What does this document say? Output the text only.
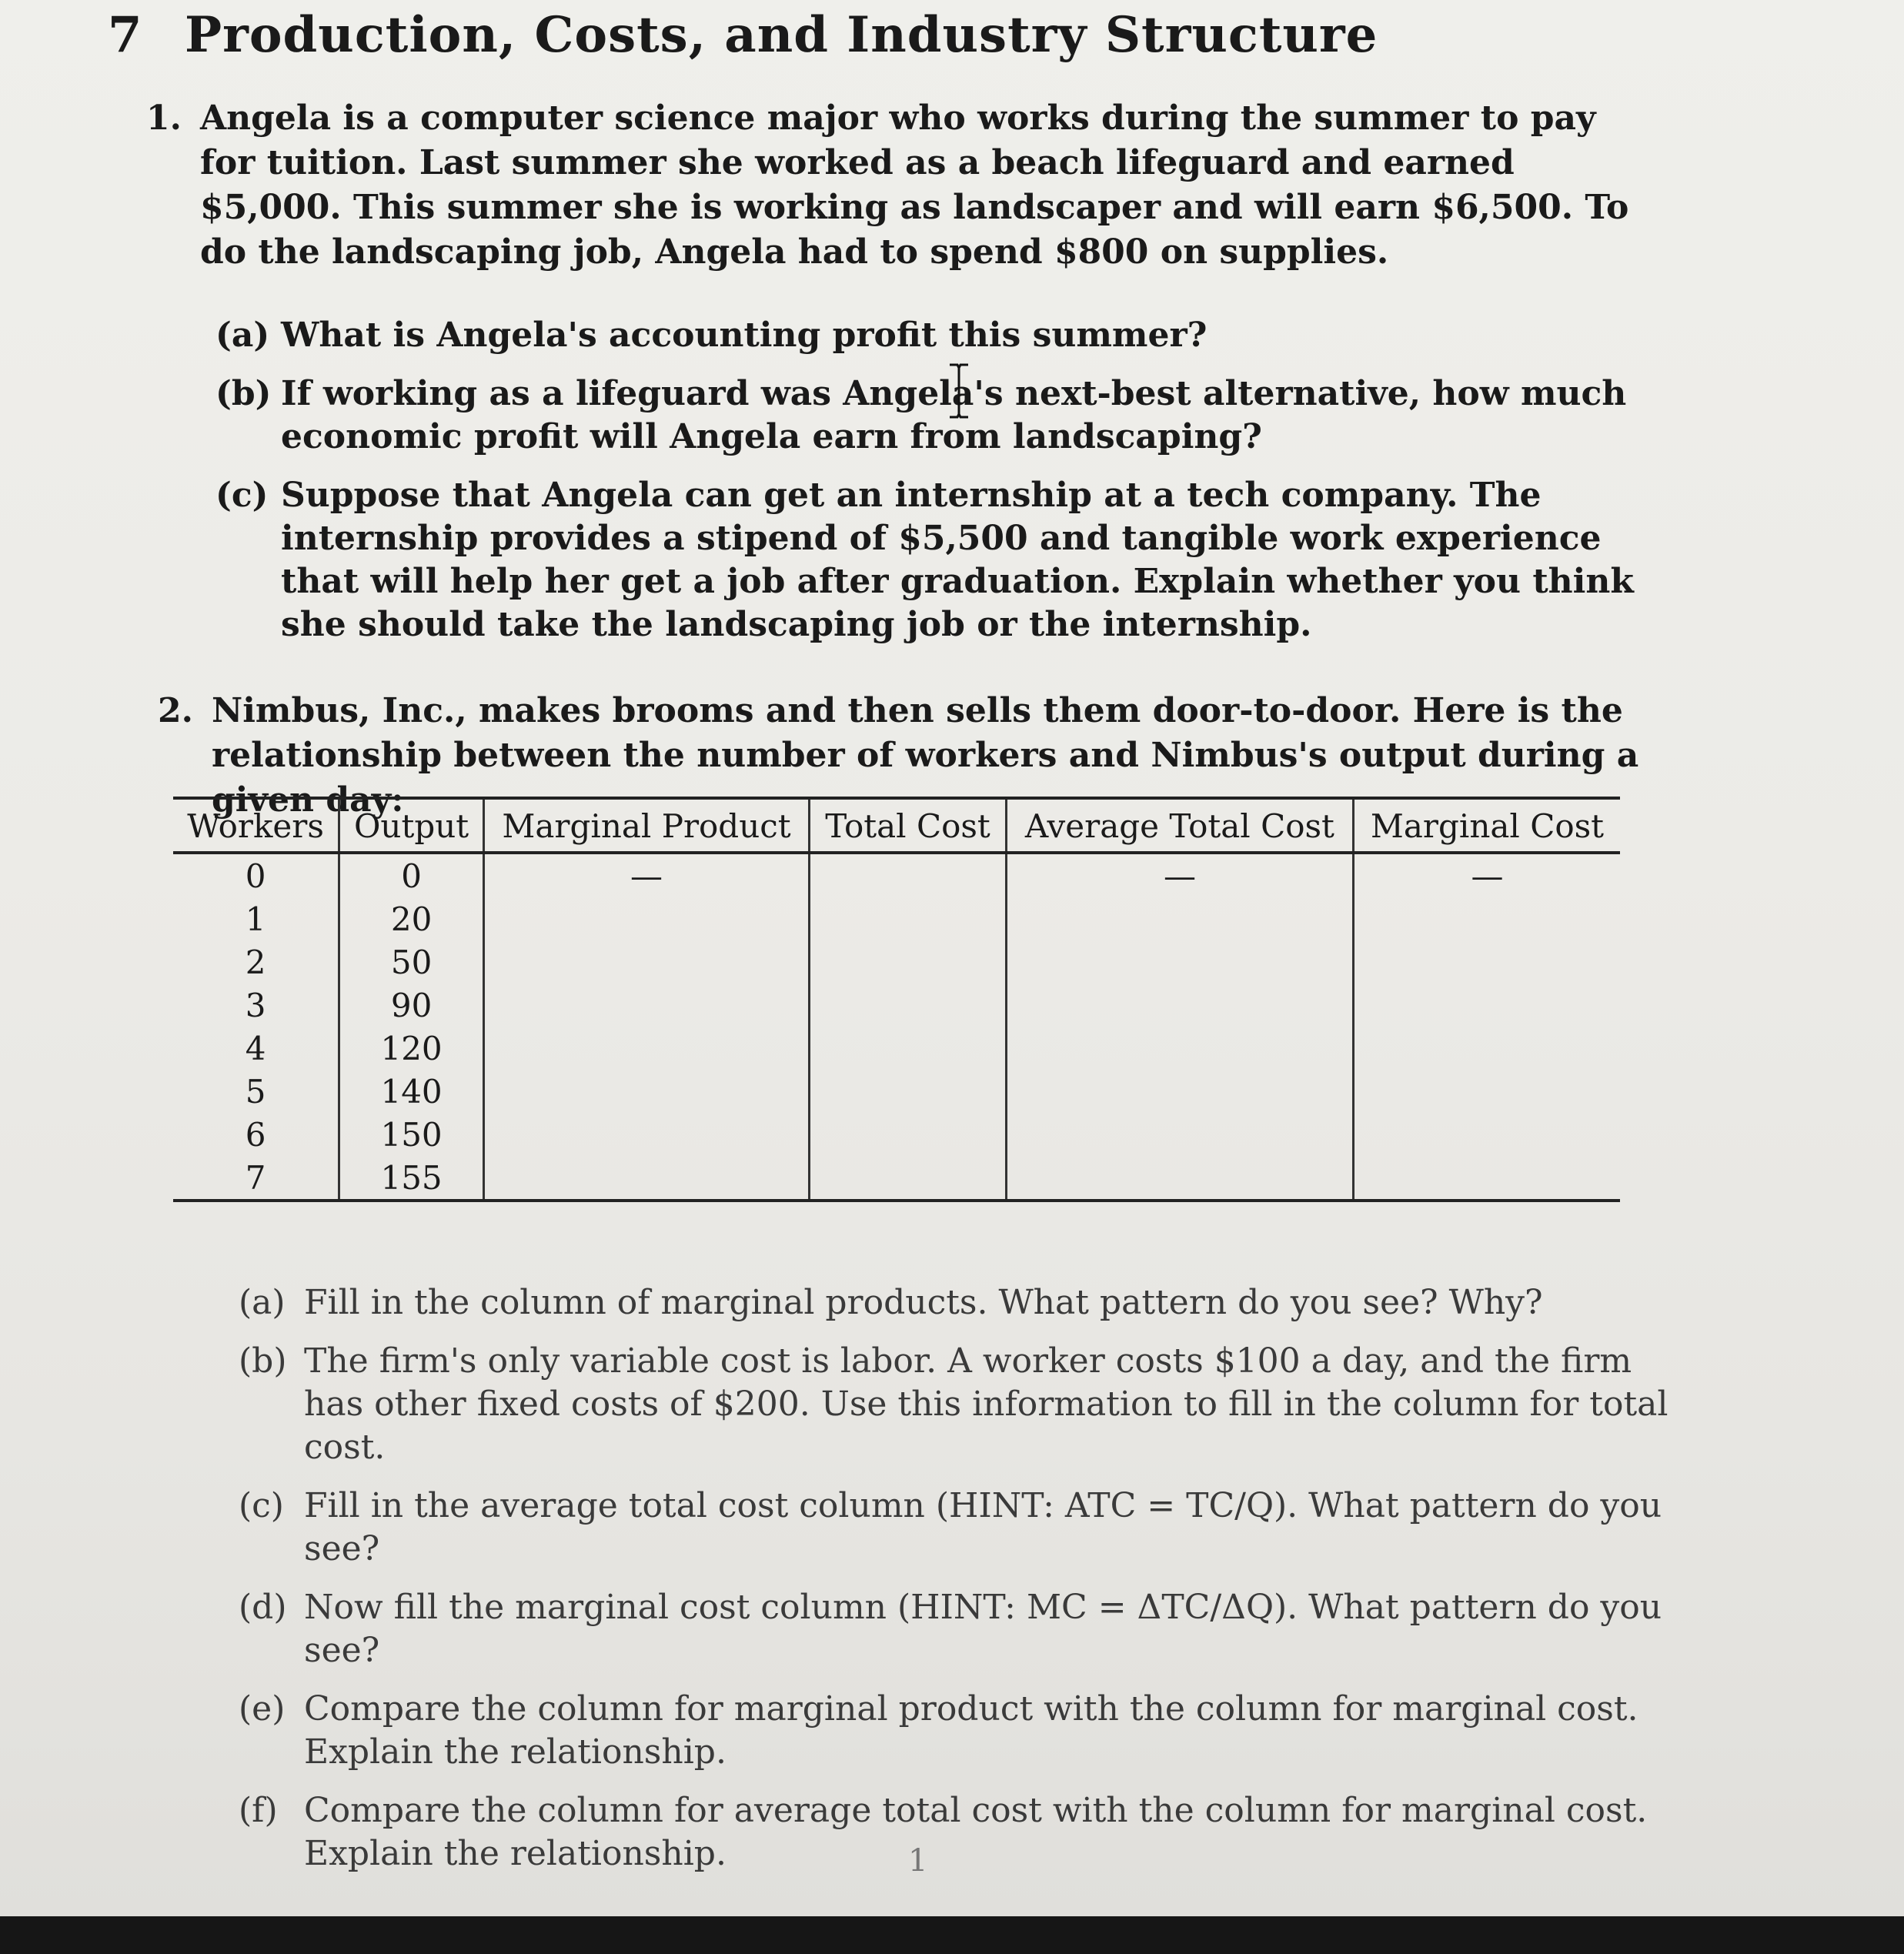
7 Production, Costs, and Industry Structure
1. Angela is a computer science major who works during the summer to pay for tuition. Last summer she worked as a beach lifeguard and earned $5,000. This summer she is working as landscaper and will earn $6,500. To do the landscaping job, Angela had to spend $800 on supplies.
(a) What is Angela's accounting profit this summer?
(b) If working as a lifeguard was Angela's next-best alternative, how much economic profit will Angela earn from landscaping?
(c) Suppose that Angela can get an internship at a tech company. The internship provides a stipend of $5,500 and tangible work experience that will help her get a job after graduation. Explain whether you think she should take the landscaping job or the internship.
2. Nimbus, Inc., makes brooms and then sells them door-to-door. Here is the relationship between the number of workers and Nimbus's output during a given day:
Workers	Output	Marginal Product	Total Cost	Average Total Cost	Marginal Cost
0	0	—		—	—
1	20				
2	50				
3	90				
4	120				
5	140				
6	150				
7	155				
(a) Fill in the column of marginal products. What pattern do you see? Why?
(b) The firm's only variable cost is labor. A worker costs $100 a day, and the firm has other fixed costs of $200. Use this information to fill in the column for total cost.
(c) Fill in the average total cost column (HINT: ATC = TC/Q). What pattern do you see?
(d) Now fill the marginal cost column (HINT: MC = ΔTC/ΔQ). What pattern do you see?
(e) Compare the column for marginal product with the column for marginal cost. Explain the relationship.
(f) Compare the column for average total cost with the column for marginal cost. Explain the relationship.	1
